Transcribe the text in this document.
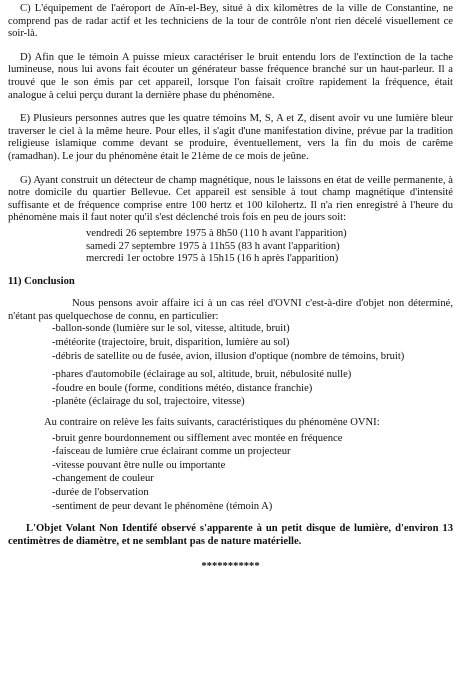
C) L'équipement de l'aéroport de Aïn-el-Bey, situé à dix kilomètres de la ville de Constantine, ne comprend pas de radar actif et les techniciens de la tour de contrôle n'ont rien décelé visuellement ce soir-là.

D) Afin que le témoin A puisse mieux caractériser le bruit entendu lors de l'extinction de la tache lumineuse, nous lui avons fait écouter un générateur basse fréquence branché sur un haut-parleur. Il a trouvé que le son émis par cet appareil, lorsque l'on faisait croître rapidement la fréquence, était analogue à celui perçu durant la dernière phase du phénomène.

E) Plusieurs personnes autres que les quatre témoins M, S, A et Z, disent avoir vu une lumière bleur traverser le ciel à la même heure. Pour elles, il s'agit d'une manifestation divine, prévue par la tradition religieuse islamique comme devant se produire, éventuellement, vers la fin du mois de carême (ramadhan). Le jour du phénomène était le 21ème de ce mois de jeûne.

G) Ayant construit un détecteur de champ magnétique, nous le laissons en état de veille permanente, à notre domicile du quartier Bellevue. Cet appareil est sensible à tout champ magnétique d'intensité suffisante et de fréquence comprise entre 100 hertz et 100 kilohertz. Il n'a rien enregistré à l'heure du phénomène mais il faut noter qu'il s'est déclenché trois fois en peu de jours soit:

vendredi 26 septembre 1975 à 8h50 (110 h avant l'apparition)
samedi 27 septembre 1975 à 11h55 (83 h avant l'apparition)
mercredi 1er octobre 1975 à 15h15 (16 h après l'apparition)

11) Conclusion

Nous pensons avoir affaire ici à un cas réel d'OVNI c'est-à-dire d'objet non déterminé, n'étant pas quelquechose de connu, en particulier:

-ballon-sonde (lumière sur le sol, vitesse, altitude, bruit)
-météorite (trajectoire, bruit, disparition, lumière au sol)
-débris de satellite ou de fusée, avion, illusion d'optique (nombre de témoins, bruit)
-phares d'automobile (éclairage au sol, altitude, bruit, nébulosité nulle)
-foudre en boule (forme, conditions météo, distance franchie)
-planète (éclairage du sol, trajectoire, vitesse)

Au contraire on relève les faits suivants, caractéristiques du phénomène OVNI:

-bruit genre bourdonnement ou sifflement avec montée en fréquence
-faisceau de lumière crue éclairant comme un projecteur
-vitesse pouvant être nulle ou importante
-changement de couleur
-durée de l'observation
-sentiment de peur devant le phénomène (témoin A)

L'Objet Volant Non Identifé observé s'apparente à un petit disque de lumière, d'environ 13 centimètres de diamètre, et ne semblant pas de nature matérielle.

***********
